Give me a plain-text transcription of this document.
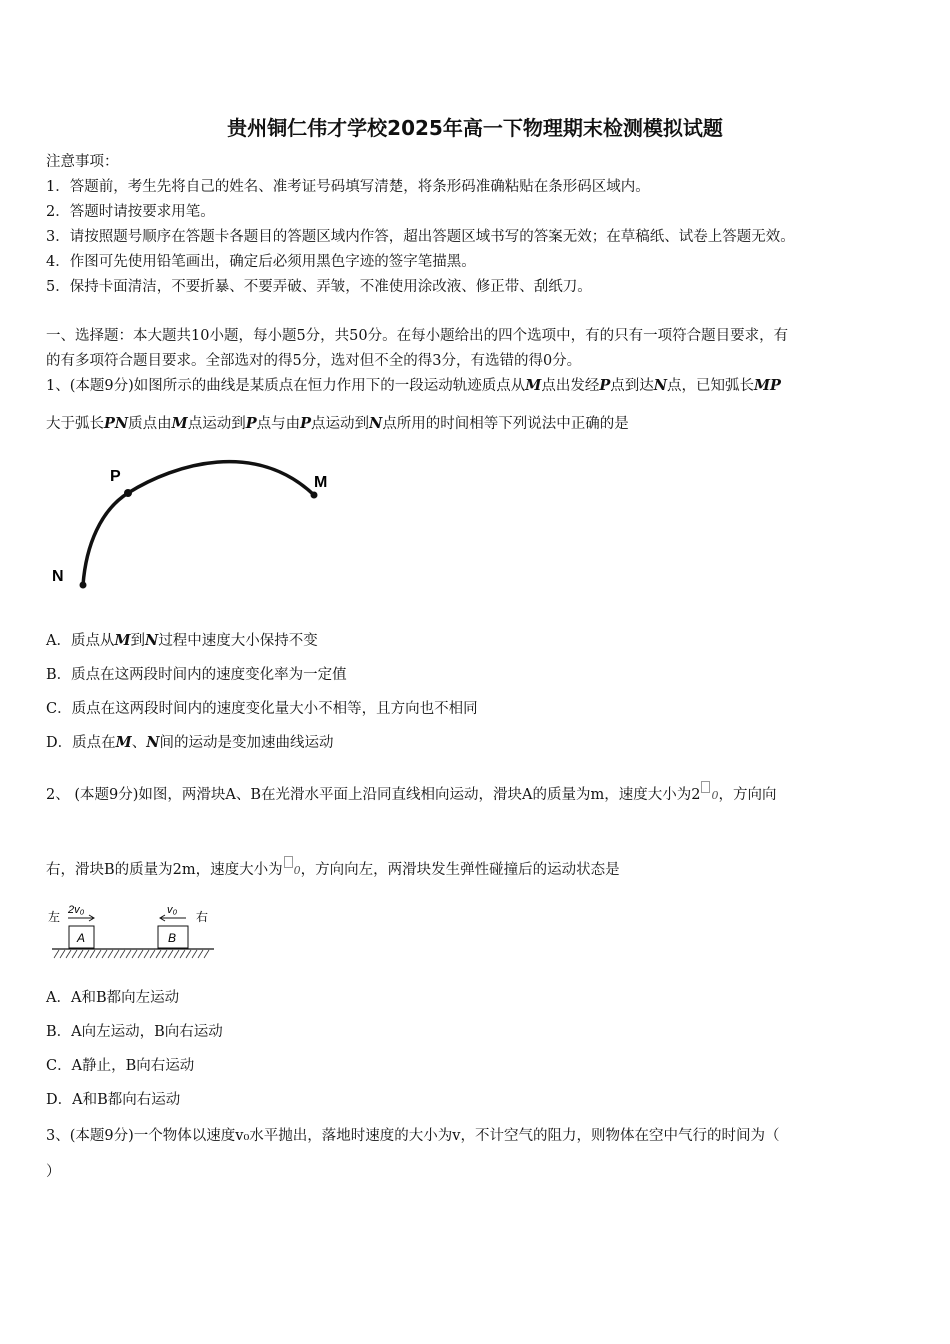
贵州铜仁伟才学校2025年高一下物理期末检测模拟试题
注意事项：
1．答题前，考生先将自己的姓名、准考证号码填写清楚，将条形码准确粘贴在条形码区域内。
2．答题时请按要求用笔。
3．请按照题号顺序在答题卡各题目的答题区域内作答，超出答题区域书写的答案无效；在草稿纸、试卷上答题无效。
4．作图可先使用铅笔画出，确定后必须用黑色字迹的签字笔描黑。
5．保持卡面清洁，不要折暴、不要弄破、弄皱，不准使用涂改液、修正带、刮纸刀。
一、选择题：本大题共10小题，每小题5分，共50分。在每小题给出的四个选项中，有的只有一项符合题目要求，有
的有多项符合题目要求。全部选对的得5分，选对但不全的得3分，有选错的得0分。
1、(本题9分)如图所示的曲线是某质点在恒力作用下的一段运动轨迹质点从M点出发经P点到达N点，已知弧长MP
大于弧长PN质点由M点运动到P点与由P点运动到N点所用的时间相等下列说法中正确的是
P	M
N
A．质点从M到N过程中速度大小保持不变
B．质点在这两段时间内的速度变化率为一定值
C．质点在这两段时间内的速度变化量大小不相等，且方向也不相同
D．质点在M、N间的运动是变加速曲线运动
2、 (本题9分)如图，两滑块A、B在光滑水平面上沿同直线相向运动，滑块A的质量为m，速度大小为2 0，方向向
右，滑块B的质量为2m，速度大小为 0，方向向左，两滑块发生弹性碰撞后的运动状态是
左 2v₀
A
v₀
B
右
A．A和B都向左运动
B．A向左运动，B向右运动
C．A静止，B向右运动
D．A和B都向右运动
3、(本题9分)一个物体以速度v₀水平抛出，落地时速度的大小为v，不计空气的阻力，则物体在空中气行的时间为（
）
